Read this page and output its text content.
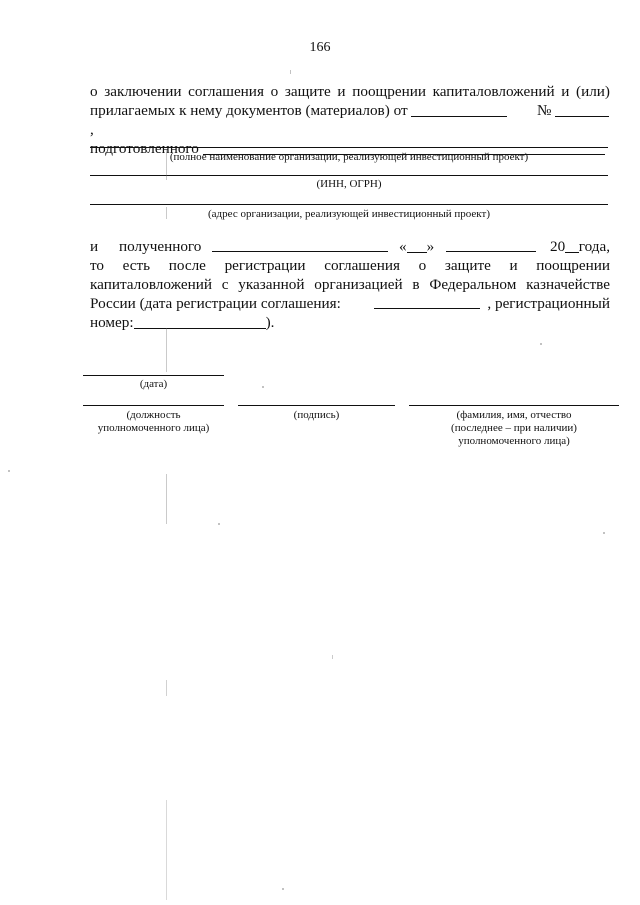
166
о заключении соглашения о защите и поощрении капиталовложений и (или)
прилагаемых к нему документов (материалов) от	№ ,
подготовленного
(полное наименование организации, реализующей инвестиционный проект)
(ИНН, ОГРН)
(адрес организации, реализующей инвестиционный проект)
и полученного	« »	20 года,
то есть после регистрации соглашения о защите и поощрении
капиталовложений с указанной организацией в Федеральном казначействе
России (дата регистрации соглашения:	, регистрационный
номер:	).
(дата)
(должность
уполномоченного лица)
(подпись)	(фамилия, имя, отчество
(последнее – при наличии)
уполномоченного лица)
